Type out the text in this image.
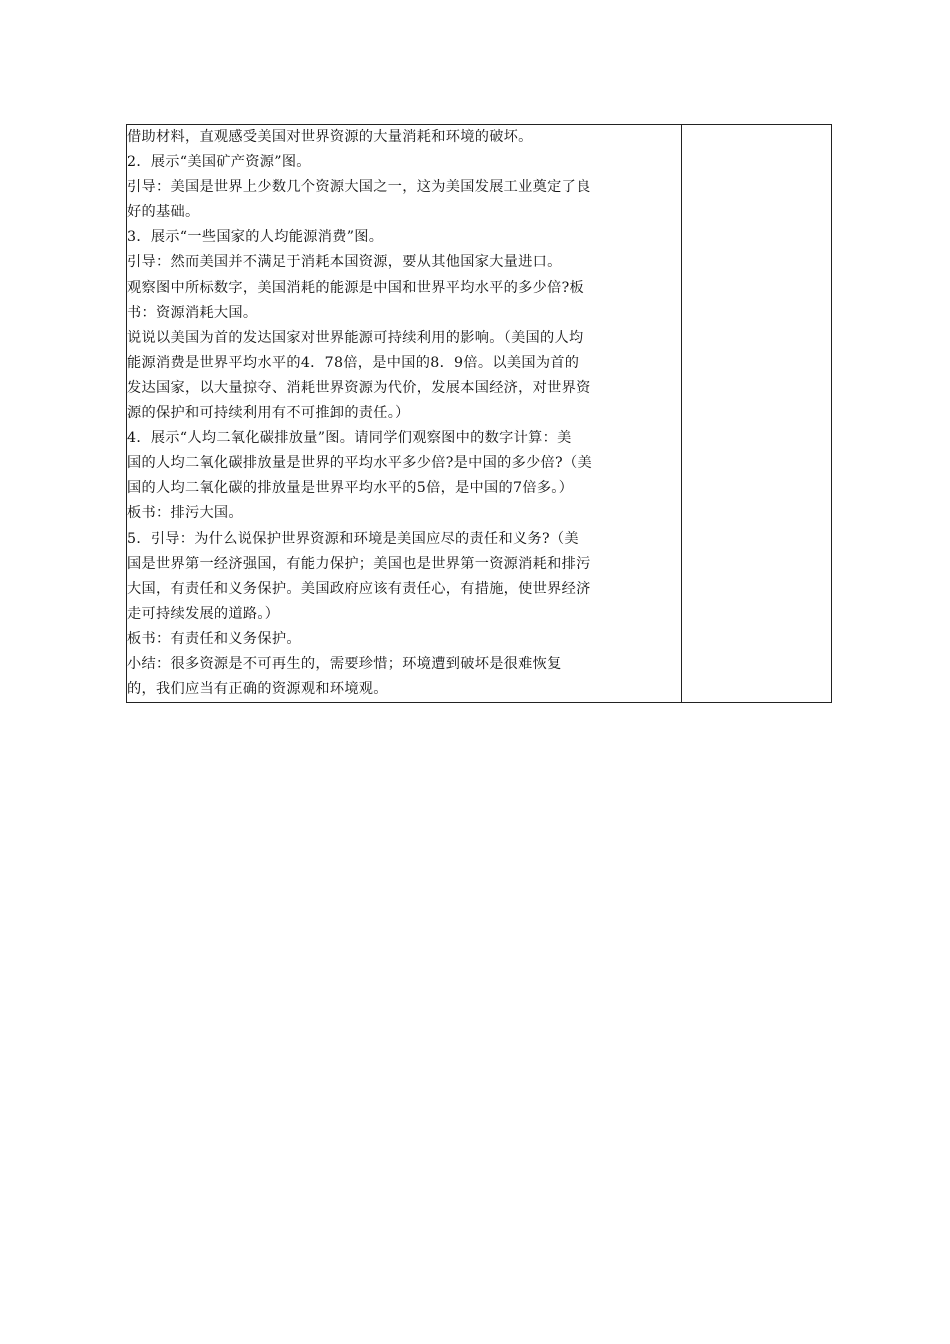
借助材料，直观感受美国对世界资源的大量消耗和环境的破坏。
2．展示“美国矿产资源”图。
引导：美国是世界上少数几个资源大国之一，这为美国发展工业奠定了良
好的基础。
3．展示“一些国家的人均能源消费”图。
引导：然而美国并不满足于消耗本国资源，要从其他国家大量进口。
观察图中所标数字，美国消耗的能源是中国和世界平均水平的多少倍?板
书：资源消耗大国。
说说以美国为首的发达国家对世界能源可持续利用的影响。（美国的人均
能源消费是世界平均水平的4．78倍，是中国的8．9倍。以美国为首的
发达国家，以大量掠夺、消耗世界资源为代价，发展本国经济，对世界资
源的保护和可持续利用有不可推卸的责任。）
4．展示“人均二氧化碳排放量”图。请同学们观察图中的数字计算：美
国的人均二氧化碳排放量是世界的平均水平多少倍?是中国的多少倍?（美
国的人均二氧化碳的排放量是世界平均水平的5倍，是中国的7倍多。）
板书：排污大国。
5．引导：为什么说保护世界资源和环境是美国应尽的责任和义务?（美
国是世界第一经济强国，有能力保护；美国也是世界第一资源消耗和排污
大国，有责任和义务保护。美国政府应该有责任心，有措施，使世界经济
走可持续发展的道路。）
板书：有责任和义务保护。
小结：很多资源是不可再生的，需要珍惜；环境遭到破坏是很难恢复
的，我们应当有正确的资源观和环境观。
